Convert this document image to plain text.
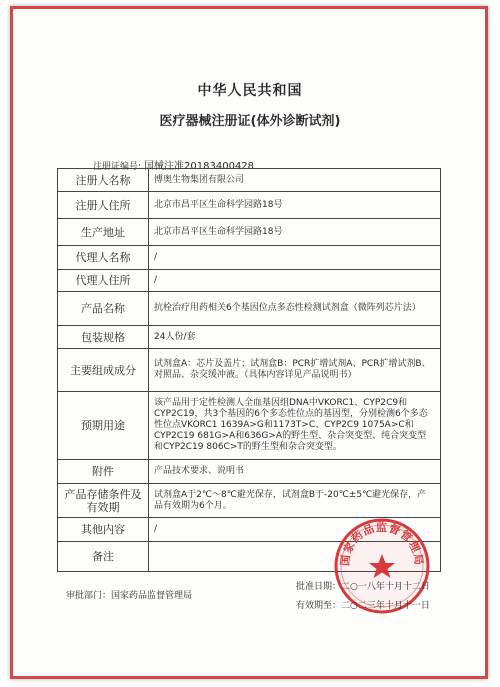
中华人民共和国
医疗器械注册证(体外诊断试剂)
注册证编号: 国械注准20183400428
注册人名称	博奥生物集团有限公司
注册人住所	北京市昌平区生命科学园路18号
生产地址	北京市昌平区生命科学园路18号
代理人名称	/
代理人住所	/
产品名称	抗栓治疗用药相关6个基因位点多态性检测试剂盒（微阵列芯片法）
包装规格	24人份/套
主要组成成分	试剂盒A：芯片及盖片；试剂盒B：PCR扩增试剂A、PCR扩增试剂B、对照品、杂交缓冲液。（具体内容详见产品说明书）
预期用途	该产品用于定性检测人全血基因组DNA中VKORC1、CYP2C9和CYP2C19，共3个基因的6个多态性位点的基因型，分别检测6个多态性位点VKORC1 1639A>G和1173T>C、CYP2C9 1075A>C和CYP2C19 681G>A和636G>A的野生型、杂合突变型、纯合突变型和CYP2C19 806C>T的野生型和杂合突变型。
附件	产品技术要求、说明书
产品存储条件及有效期	试剂盒A于2℃～8℃避光保存，试剂盒B于-20℃±5℃避光保存，产品有效期为6个月。
其他内容	/
备注		国家药品监督管理局
审批部门：国家药品监督管理局
批准日期：二○一八年十月十二日
有效期至：二○二三年十月十一日
